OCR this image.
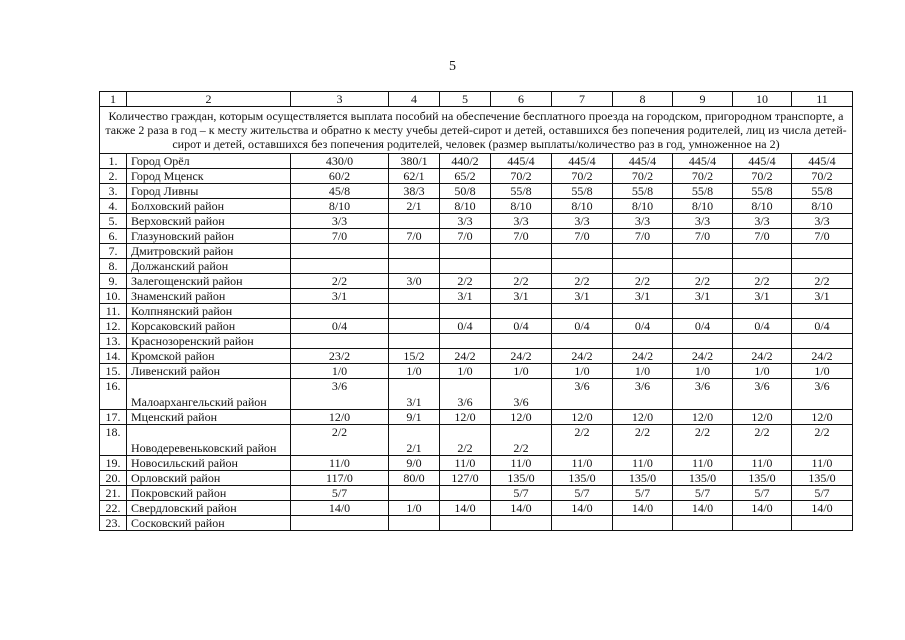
5
1	2	3	4	5	6	7	8	9	10	11
Количество граждан, которым осуществляется выплата пособий на обеспечение бесплатного проезда на городском, пригородном транспорте, а также 2 раза в год – к месту жительства и обратно к месту учебы детей-сирот и детей, оставшихся без попечения родителей, лиц из числа детей-сирот и детей, оставшихся без попечения родителей, человек (размер выплаты/количество раз в год, умноженное на 2)										
1.	Город Орёл	430/0	380/1	440/2	445/4	445/4	445/4	445/4	445/4	445/4
2.	Город Мценск	60/2	62/1	65/2	70/2	70/2	70/2	70/2	70/2	70/2
3.	Город Ливны	45/8	38/3	50/8	55/8	55/8	55/8	55/8	55/8	55/8
4.	Болховский район	8/10	2/1	8/10	8/10	8/10	8/10	8/10	8/10	8/10
5.	Верховский район	3/3		3/3	3/3	3/3	3/3	3/3	3/3	3/3
6.	Глазуновский район	7/0	7/0	7/0	7/0	7/0	7/0	7/0	7/0	7/0
7.	Дмитровский район									
8.	Должанский район									
9.	Залегощенский район	2/2	3/0	2/2	2/2	2/2	2/2	2/2	2/2	2/2
10.	Знаменский район	3/1		3/1	3/1	3/1	3/1	3/1	3/1	3/1
11.	Колпнянский район									
12.	Корсаковский район	0/4		0/4	0/4	0/4	0/4	0/4	0/4	0/4
13.	Краснозоренский район									
14.	Кромской район	23/2	15/2	24/2	24/2	24/2	24/2	24/2	24/2	24/2
15.	Ливенский район	1/0	1/0	1/0	1/0	1/0	1/0	1/0	1/0	1/0
16.	Малоархангельский район	3/6	3/1	3/6	3/6	3/6	3/6	3/6	3/6	3/6
17.	Мценский район	12/0	9/1	12/0	12/0	12/0	12/0	12/0	12/0	12/0
18.	Новодеревеньковский район	2/2	2/1	2/2	2/2	2/2	2/2	2/2	2/2	2/2
19.	Новосильский район	11/0	9/0	11/0	11/0	11/0	11/0	11/0	11/0	11/0
20.	Орловский район	117/0	80/0	127/0	135/0	135/0	135/0	135/0	135/0	135/0
21.	Покровский район	5/7			5/7	5/7	5/7	5/7	5/7	5/7
22.	Свердловский район	14/0	1/0	14/0	14/0	14/0	14/0	14/0	14/0	14/0
23.	Сосковский район									
